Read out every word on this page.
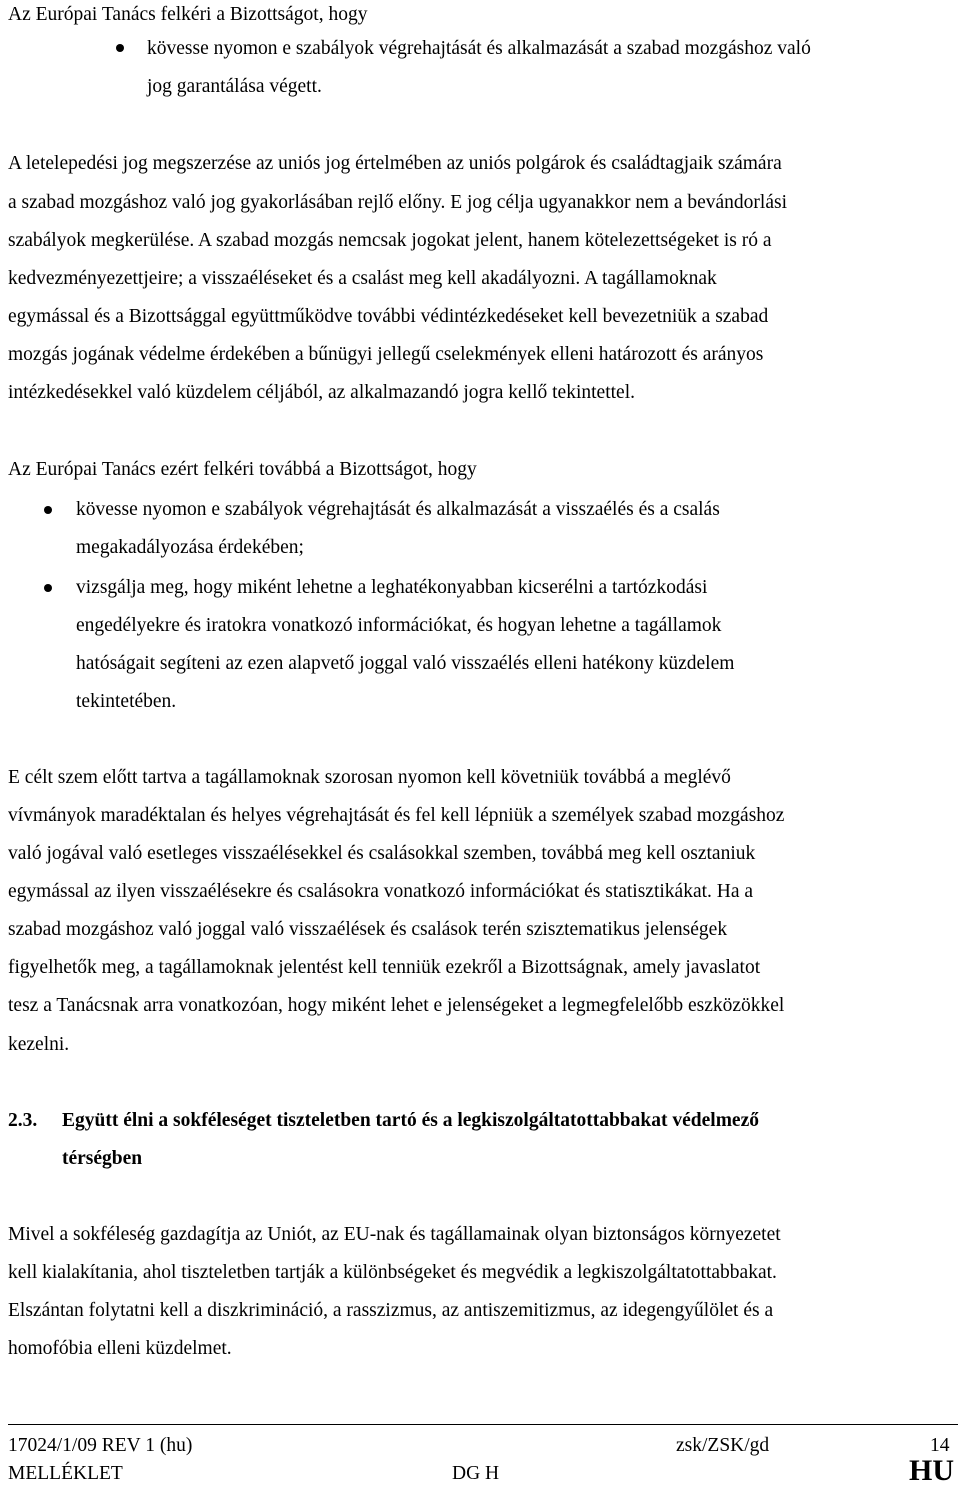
Az Európai Tanács felkéri a Bizottságot, hogy
kövesse nyomon e szabályok végrehajtását és alkalmazását a szabad mozgáshoz való
jog garantálása végett.
A letelepedési jog megszerzése az uniós jog értelmében az uniós polgárok és családtagjaik számára
a szabad mozgáshoz való jog gyakorlásában rejlő előny. E jog célja ugyanakkor nem a bevándorlási
szabályok megkerülése. A szabad mozgás nemcsak jogokat jelent, hanem kötelezettségeket is ró a
kedvezményezettjeire; a visszaéléseket és a csalást meg kell akadályozni. A tagállamoknak
egymással és a Bizottsággal együttműködve további védintézkedéseket kell bevezetniük a szabad
mozgás jogának védelme érdekében a bűnügyi jellegű cselekmények elleni határozott és arányos
intézkedésekkel való küzdelem céljából, az alkalmazandó jogra kellő tekintettel.
Az Európai Tanács ezért felkéri továbbá a Bizottságot, hogy
kövesse nyomon e szabályok végrehajtását és alkalmazását a visszaélés és a csalás
megakadályozása érdekében;
vizsgálja meg, hogy miként lehetne a leghatékonyabban kicserélni a tartózkodási
engedélyekre és iratokra vonatkozó információkat, és hogyan lehetne a tagállamok
hatóságait segíteni az ezen alapvető joggal való visszaélés elleni hatékony küzdelem
tekintetében.
E célt szem előtt tartva a tagállamoknak szorosan nyomon kell követniük továbbá a meglévő
vívmányok maradéktalan és helyes végrehajtását és fel kell lépniük a személyek szabad mozgáshoz
való jogával való esetleges visszaélésekkel és csalásokkal szemben, továbbá meg kell osztaniuk
egymással az ilyen visszaélésekre és csalásokra vonatkozó információkat és statisztikákat. Ha a
szabad mozgáshoz való joggal való visszaélések és csalások terén szisztematikus jelenségek
figyelhetők meg, a tagállamoknak jelentést kell tenniük ezekről a Bizottságnak, amely javaslatot
tesz a Tanácsnak arra vonatkozóan, hogy miként lehet e jelenségeket a legmegfelelőbb eszközökkel
kezelni.
2.3. Együtt élni a sokféleséget tiszteletben tartó és a legkiszolgáltatottabbakat védelmező
térségben
Mivel a sokféleség gazdagítja az Uniót, az EU-nak és tagállamainak olyan biztonságos környezetet
kell kialakítania, ahol tiszteletben tartják a különbségeket és megvédik a legkiszolgáltatottabbakat.
Elszántan folytatni kell a diszkrimináció, a rasszizmus, az antiszemitizmus, az idegengyűlölet és a
homofóbia elleni küzdelmet.
17024/1/09 REV 1 (hu)
MELLÉKLET	DG H
zsk/ZSK/gd	14
HU
